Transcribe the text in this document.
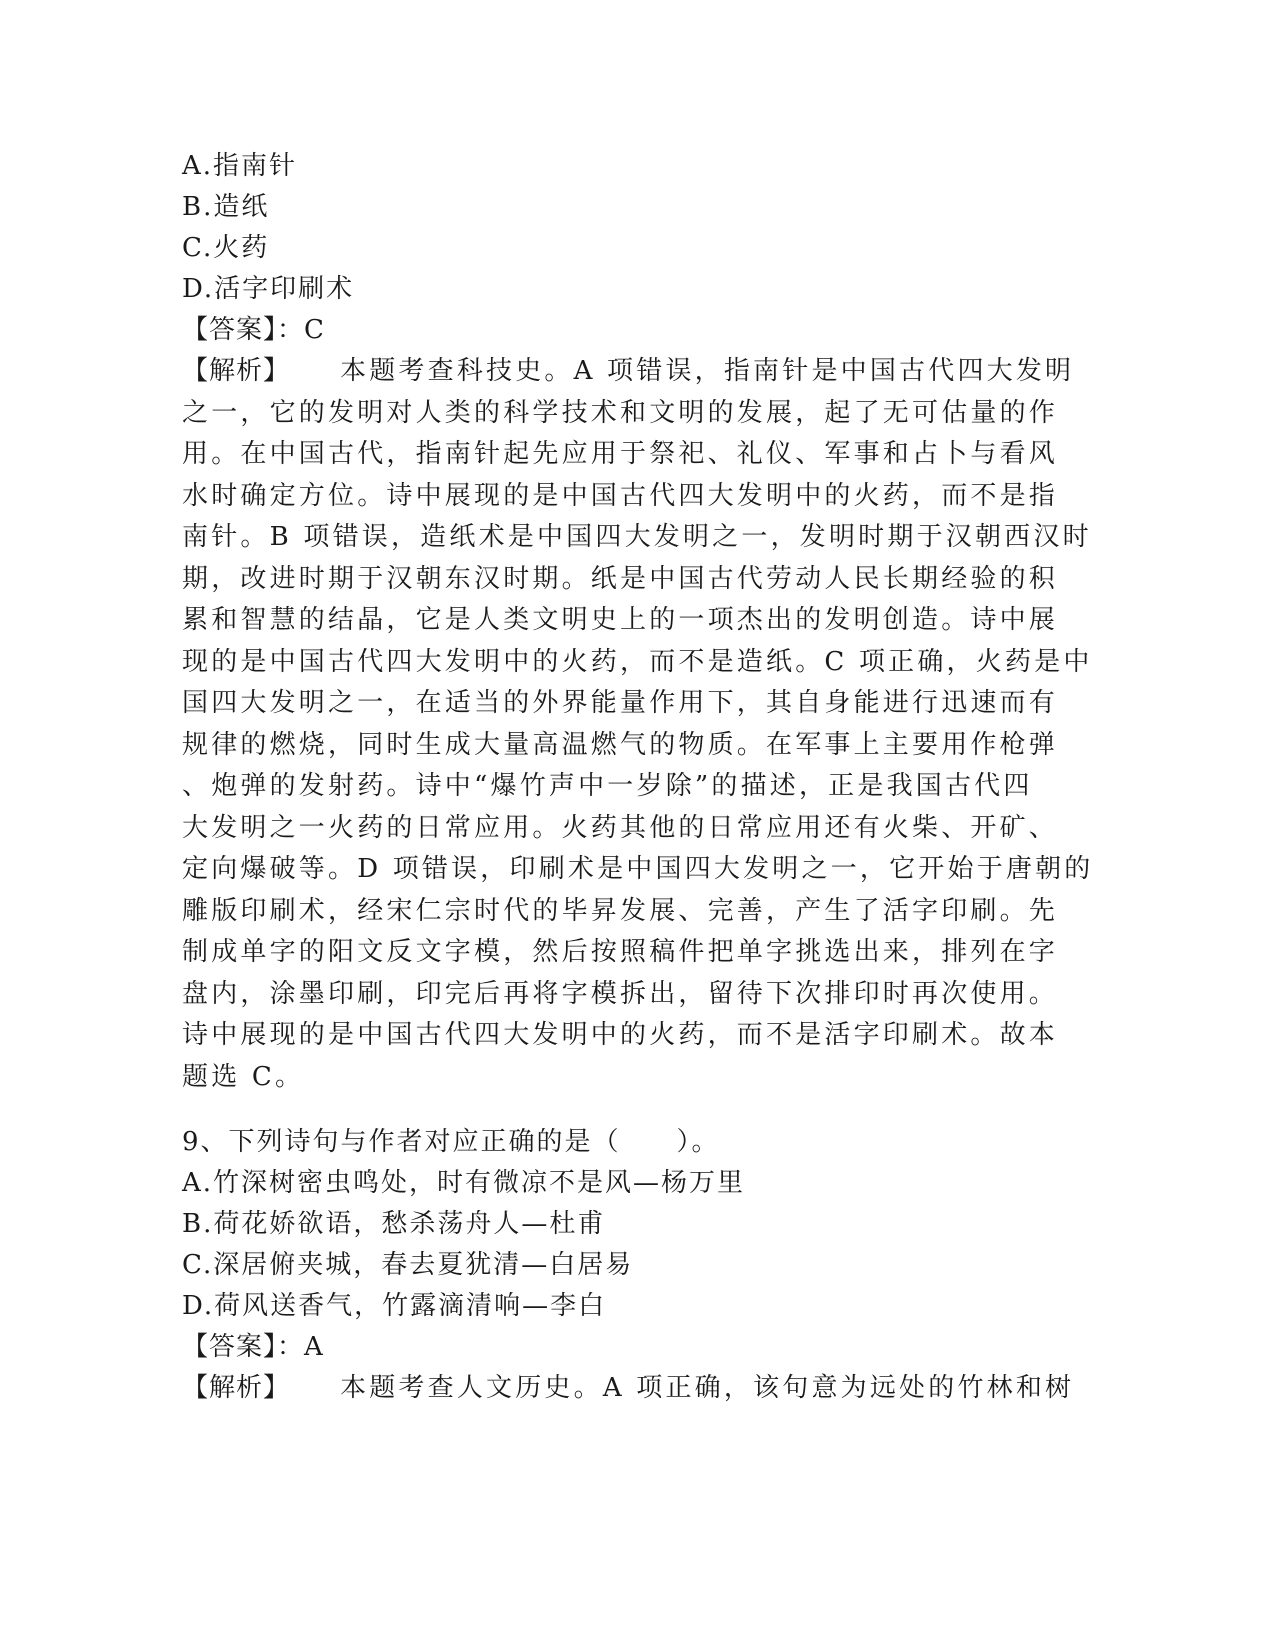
A.指南针
B.造纸
C.火药
D.活字印刷术
【答案】：C
【解析】 本题考查科技史。A 项错误，指南针是中国古代四大发明
之一，它的发明对人类的科学技术和文明的发展，起了无可估量的作
用。在中国古代，指南针起先应用于祭祀、礼仪、军事和占卜与看风
水时确定方位。诗中展现的是中国古代四大发明中的火药，而不是指
南针。B 项错误，造纸术是中国四大发明之一，发明时期于汉朝西汉时
期，改进时期于汉朝东汉时期。纸是中国古代劳动人民长期经验的积
累和智慧的结晶，它是人类文明史上的一项杰出的发明创造。诗中展
现的是中国古代四大发明中的火药，而不是造纸。C 项正确，火药是中
国四大发明之一，在适当的外界能量作用下，其自身能进行迅速而有
规律的燃烧，同时生成大量高温燃气的物质。在军事上主要用作枪弹
、炮弹的发射药。诗中“爆竹声中一岁除”的描述，正是我国古代四
大发明之一火药的日常应用。火药其他的日常应用还有火柴、开矿、
定向爆破等。D 项错误，印刷术是中国四大发明之一，它开始于唐朝的
雕版印刷术，经宋仁宗时代的毕昇发展、完善，产生了活字印刷。先
制成单字的阳文反文字模，然后按照稿件把单字挑选出来，排列在字
盘内，涂墨印刷，印完后再将字模拆出，留待下次排印时再次使用。
诗中展现的是中国古代四大发明中的火药，而不是活字印刷术。故本
题选 C。
9、下列诗句与作者对应正确的是（　　）。
A.竹深树密虫鸣处，时有微凉不是风—杨万里
B.荷花娇欲语，愁杀荡舟人—杜甫
C.深居俯夹城，春去夏犹清—白居易
D.荷风送香气，竹露滴清响—李白
【答案】：A
【解析】 本题考查人文历史。A 项正确，该句意为远处的竹林和树
